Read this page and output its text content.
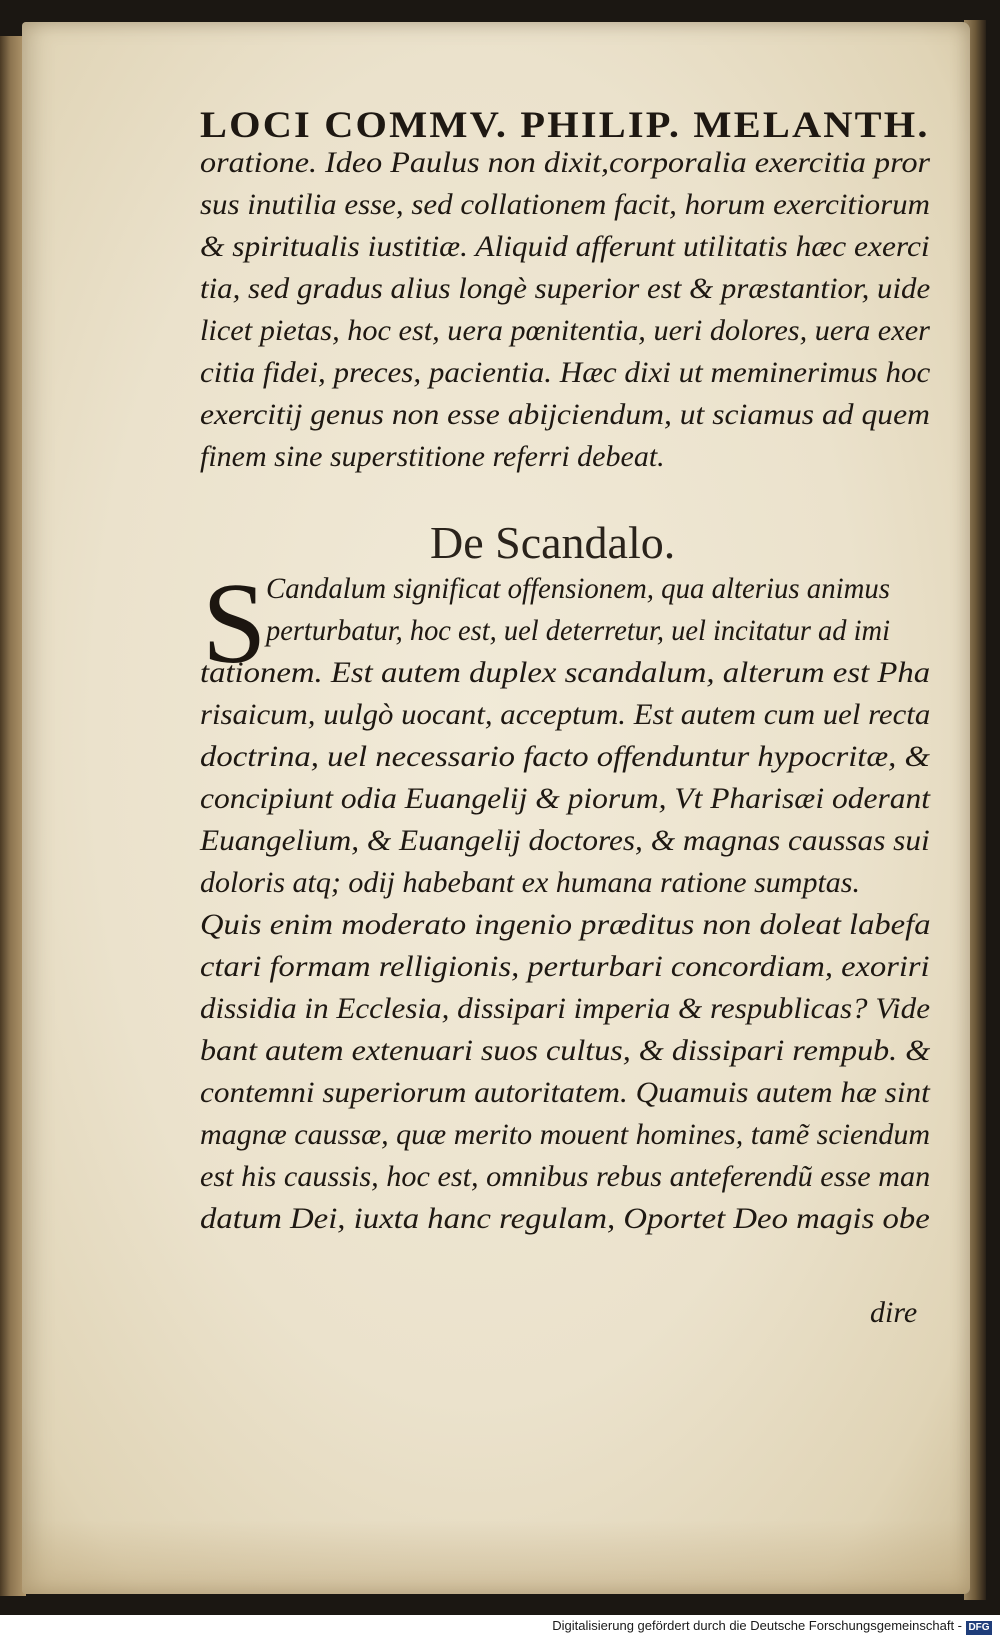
LOCI COMMV. PHILIP. MELANTH.
oratione. Ideo Paulus non dixit,corporalia exercitia pror
sus inutilia esse, sed collationem facit, horum exercitiorum
& spiritualis iustitiæ. Aliquid afferunt utilitatis hæc exerci
tia, sed gradus alius longè superior est & præstantior, uide
licet pietas, hoc est, uera pœnitentia, ueri dolores, uera exer
citia fidei, preces, pacientia. Hæc dixi ut meminerimus hoc
exercitij genus non esse abijciendum, ut sciamus ad quem
finem sine superstitione referri debeat.
De Scandalo.
S Candalum significat offensionem, qua alterius animus
perturbatur, hoc est, uel deterretur, uel incitatur ad imi
tationem. Est autem duplex scandalum, alterum est Pha
risaicum, uulgò uocant, acceptum. Est autem cum uel recta
doctrina, uel necessario facto offenduntur hypocritæ, &
concipiunt odia Euangelij & piorum, Vt Pharisæi oderant
Euangelium, & Euangelij doctores, & magnas caussas sui
doloris atq; odij habebant ex humana ratione sumptas.
Quis enim moderato ingenio præditus non doleat labefa
ctari formam relligionis, perturbari concordiam, exoriri
dissidia in Ecclesia, dissipari imperia & respublicas? Vide
bant autem extenuari suos cultus, & dissipari rempub. &
contemni superiorum autoritatem. Quamuis autem hæ sint
magnæ caussæ, quæ merito mouent homines, tamẽ sciendum
est his caussis, hoc est, omnibus rebus anteferendũ esse man
datum Dei, iuxta hanc regulam, Oportet Deo magis obe
dire
Digitalisierung gefördert durch die Deutsche Forschungsgemeinschaft - DFG
